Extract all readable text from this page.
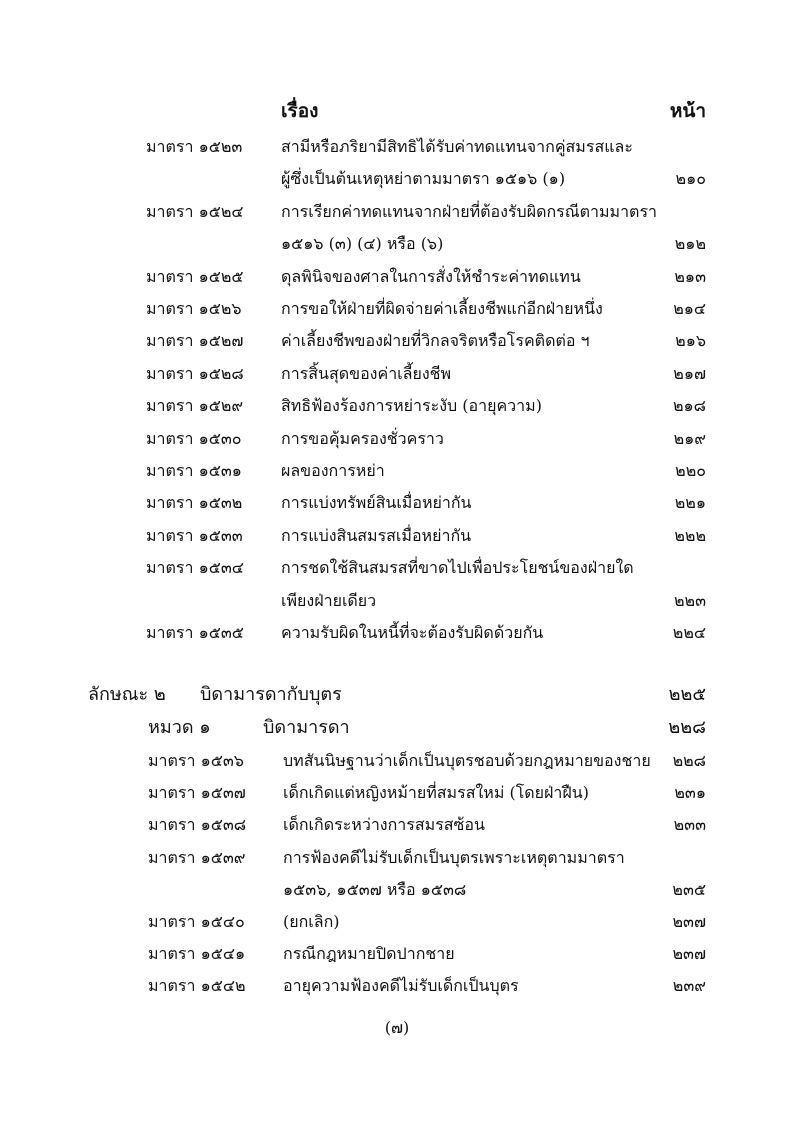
เรื่อง	หน้า
มาตรา ๑๕๒๓ สามีหรือภริยามีสิทธิได้รับค่าทดแทนจากคู่สมรสและ
ผู้ซึ่งเป็นต้นเหตุหย่าตามมาตรา ๑๕๑๖ (๑)	๒๑๐
มาตรา ๑๕๒๔ การเรียกค่าทดแทนจากฝ่ายที่ต้องรับผิดกรณีตามมาตรา
๑๕๑๖ (๓) (๔) หรือ (๖)	๒๑๒
มาตรา ๑๕๒๕ ดุลพินิจของศาลในการสั่งให้ชำระค่าทดแทน	๒๑๓
มาตรา ๑๕๒๖ การขอให้ฝ่ายที่ผิดจ่ายค่าเลี้ยงชีพแก่อีกฝ่ายหนึ่ง	๒๑๔
มาตรา ๑๕๒๗ ค่าเลี้ยงชีพของฝ่ายที่วิกลจริตหรือโรคติดต่อ ฯ	๒๑๖
มาตรา ๑๕๒๘ การสิ้นสุดของค่าเลี้ยงชีพ	๒๑๗
มาตรา ๑๕๒๙ สิทธิฟ้องร้องการหย่าระงับ (อายุความ)	๒๑๘
มาตรา ๑๕๓๐ การขอคุ้มครองชั่วคราว	๒๑๙
มาตรา ๑๕๓๑ ผลของการหย่า	๒๒๐
มาตรา ๑๕๓๒ การแบ่งทรัพย์สินเมื่อหย่ากัน	๒๒๑
มาตรา ๑๕๓๓ การแบ่งสินสมรสเมื่อหย่ากัน	๒๒๒
มาตรา ๑๕๓๔ การชดใช้สินสมรสที่ขาดไปเพื่อประโยชน์ของฝ่ายใด
เพียงฝ่ายเดียว	๒๒๓
มาตรา ๑๕๓๕ ความรับผิดในหนี้ที่จะต้องรับผิดด้วยกัน	๒๒๔
ลักษณะ ๒ บิดามารดากับบุตร	๒๒๕
หมวด ๑	บิดามารดา	๒๒๘
มาตรา ๑๕๓๖ บทสันนิษฐานว่าเด็กเป็นบุตรชอบด้วยกฎหมายของชาย ๒๒๘
มาตรา ๑๕๓๗ เด็กเกิดแต่หญิงหม้ายที่สมรสใหม่ (โดยฝ่าฝืน)	๒๓๑
มาตรา ๑๕๓๘ เด็กเกิดระหว่างการสมรสซ้อน	๒๓๓
มาตรา ๑๕๓๙ การฟ้องคดีไม่รับเด็กเป็นบุตรเพราะเหตุตามมาตรา
๑๕๓๖, ๑๕๓๗ หรือ ๑๕๓๘	๒๓๕
มาตรา ๑๕๔๐ (ยกเลิก)	๒๓๗
มาตรา ๑๕๔๑ กรณีกฎหมายปิดปากชาย	๒๓๗
มาตรา ๑๕๔๒ อายุความฟ้องคดีไม่รับเด็กเป็นบุตร	๒๓๙
(๗)
